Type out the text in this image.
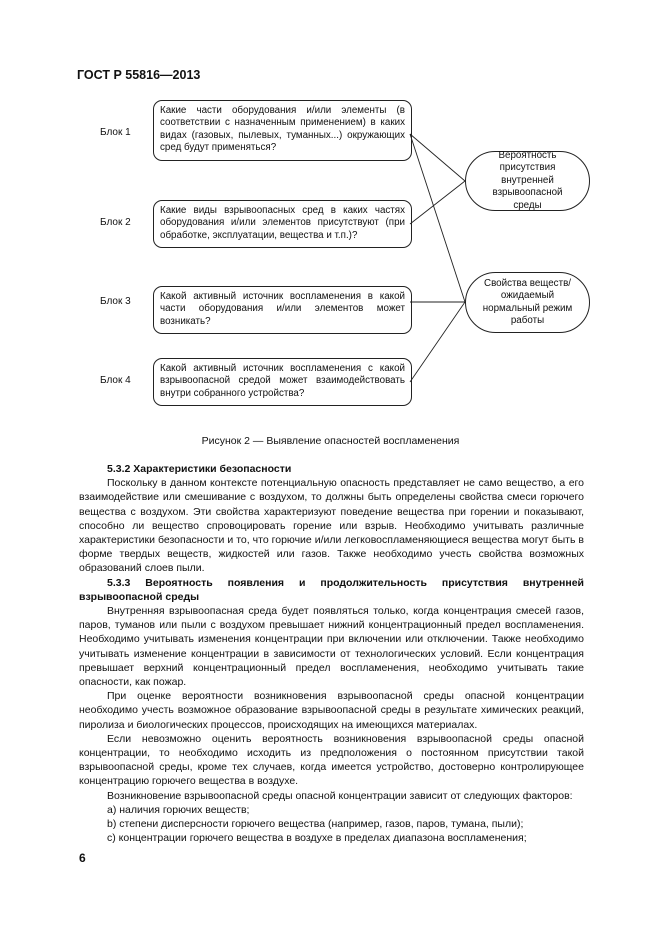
ГОСТ Р 55816—2013
Блок 1
Какие части оборудования и/или элементы (в соответствии с назначенным применением) в каких видах (газовых, пылевых, туманных...) окружающих сред будут применяться?
Блок 2
Какие виды взрывоопасных сред в каких частях оборудования и/или элементов присутствуют (при обработке, эксплуатации, вещества и т.п.)?
Блок 3	Какой активный источник воспламенения в какой части оборудования и/или элементов может возникать?
Блок 4
Какой активный источник воспламенения с какой взрывоопасной средой может взаимодействовать внутри собранного устройства?
Вероятность присутствия внутренней взрывоопасной среды
Свойства веществ/ожидаемый нормальный режим работы
Рисунок 2 — Выявление опасностей воспламенения

5.3.2 Характеристики безопасности

Поскольку в данном контексте потенциальную опасность представляет не само вещество, а его взаимодействие или смешивание с воздухом, то должны быть определены свойства смеси горючего вещества с воздухом. Эти свойства характеризуют поведение вещества при горении и показывают, способно ли вещество спровоцировать горение или взрыв. Необходимо учитывать различные характеристики безопасности и то, что горючие и/или легковоспламеняющиеся вещества могут быть в форме твердых веществ, жидкостей или газов. Также необходимо учесть свойства возможных образований слоев пыли.

5.3.3 Вероятность появления и продолжительность присутствия внутренней

взрывоопасной среды

Внутренняя взрывоопасная среда будет появляться только, когда концентрация смесей газов, паров, туманов или пыли с воздухом превышает нижний концентрационный предел воспламенения. Необходимо учитывать изменения концентрации при включении или отключении. Также необходимо учитывать изменение концентрации в зависимости от технологических условий. Если концентрация превышает верхний концентрационный предел воспламенения, необходимо учитывать такие опасности, как пожар.

При оценке вероятности возникновения взрывоопасной среды опасной концентрации необходимо учесть возможное образование взрывоопасной среды в результате химических реакций, пиролиза и биологических процессов, происходящих на имеющихся материалах.

Если невозможно оценить вероятность возникновения взрывоопасной среды опасной концентрации, то необходимо исходить из предположения о постоянном присутствии такой взрывоопасной среды, кроме тех случаев, когда имеется устройство, достоверно контролирующее концентрацию горючего вещества в воздухе.

Возникновение взрывоопасной среды опасной концентрации зависит от следующих факторов:

a) наличия горючих веществ;

b) степени дисперсности горючего вещества (например, газов, паров, тумана, пыли);

c) концентрации горючего вещества в воздухе в пределах диапазона воспламенения;

6
